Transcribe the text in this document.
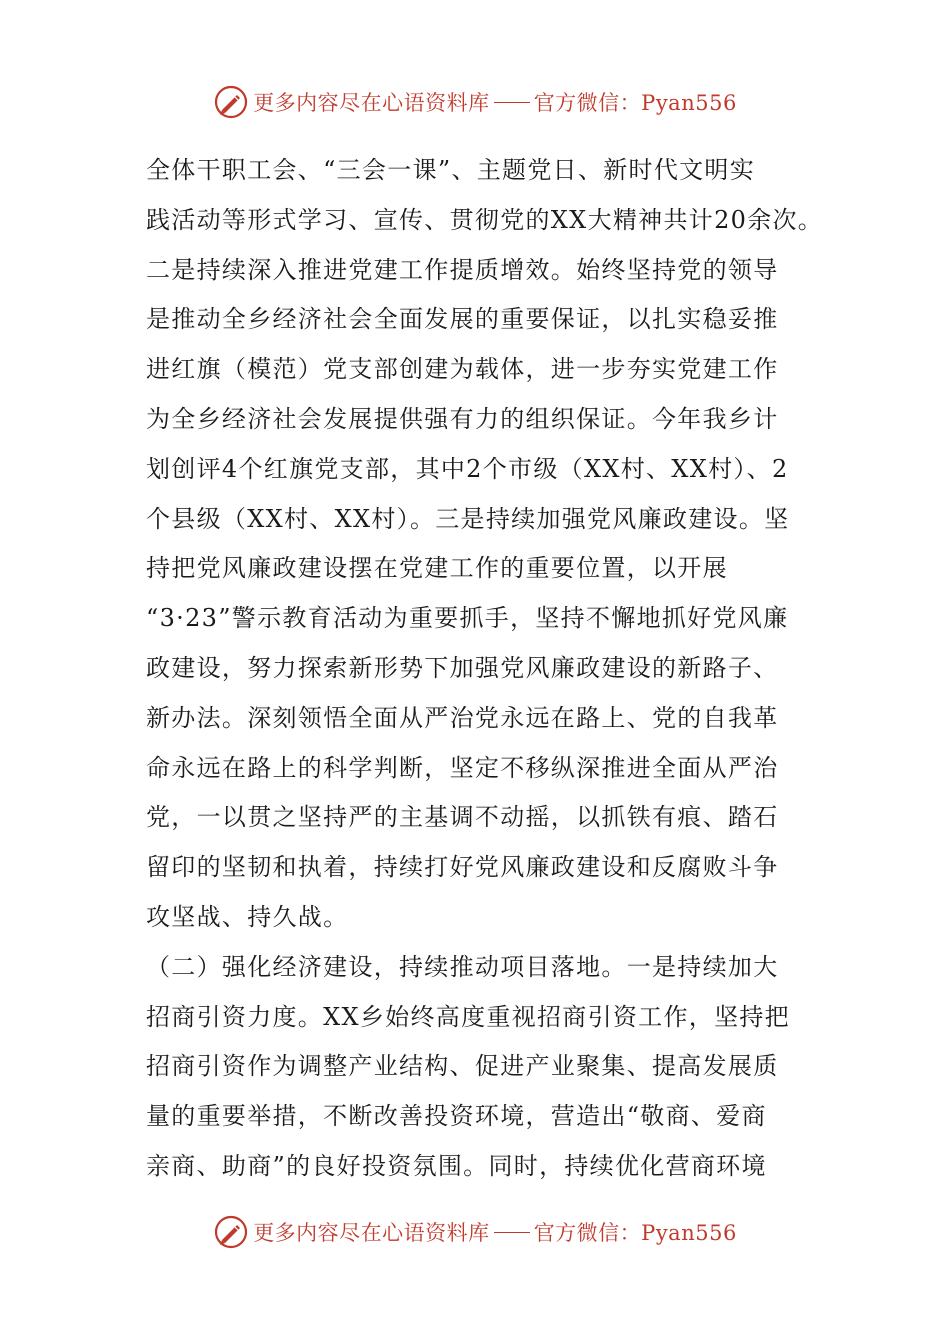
更多内容尽在心语资料库 官方微信：Pyan556
全体干职工会、“三会一课”、主题党日、新时代文明实
践活动等形式学习、宣传、贯彻党的XX大精神共计20余次。
二是持续深入推进党建工作提质增效。始终坚持党的领导
是推动全乡经济社会全面发展的重要保证，以扎实稳妥推
进红旗（模范）党支部创建为载体，进一步夯实党建工作
为全乡经济社会发展提供强有力的组织保证。今年我乡计
划创评4个红旗党支部，其中2个市级（XX村、XX村）、2
个县级（XX村、XX村）。三是持续加强党风廉政建设。坚
持把党风廉政建设摆在党建工作的重要位置，以开展
“3·23”警示教育活动为重要抓手，坚持不懈地抓好党风廉
政建设，努力探索新形势下加强党风廉政建设的新路子、
新办法。深刻领悟全面从严治党永远在路上、党的自我革
命永远在路上的科学判断，坚定不移纵深推进全面从严治
党，一以贯之坚持严的主基调不动摇，以抓铁有痕、踏石
留印的坚韧和执着，持续打好党风廉政建设和反腐败斗争
攻坚战、持久战。
（二）强化经济建设，持续推动项目落地。一是持续加大
招商引资力度。XX乡始终高度重视招商引资工作，坚持把
招商引资作为调整产业结构、促进产业聚集、提高发展质
量的重要举措，不断改善投资环境，营造出“敬商、爱商
亲商、助商”的良好投资氛围。同时，持续优化营商环境
更多内容尽在心语资料库 官方微信：Pyan556
